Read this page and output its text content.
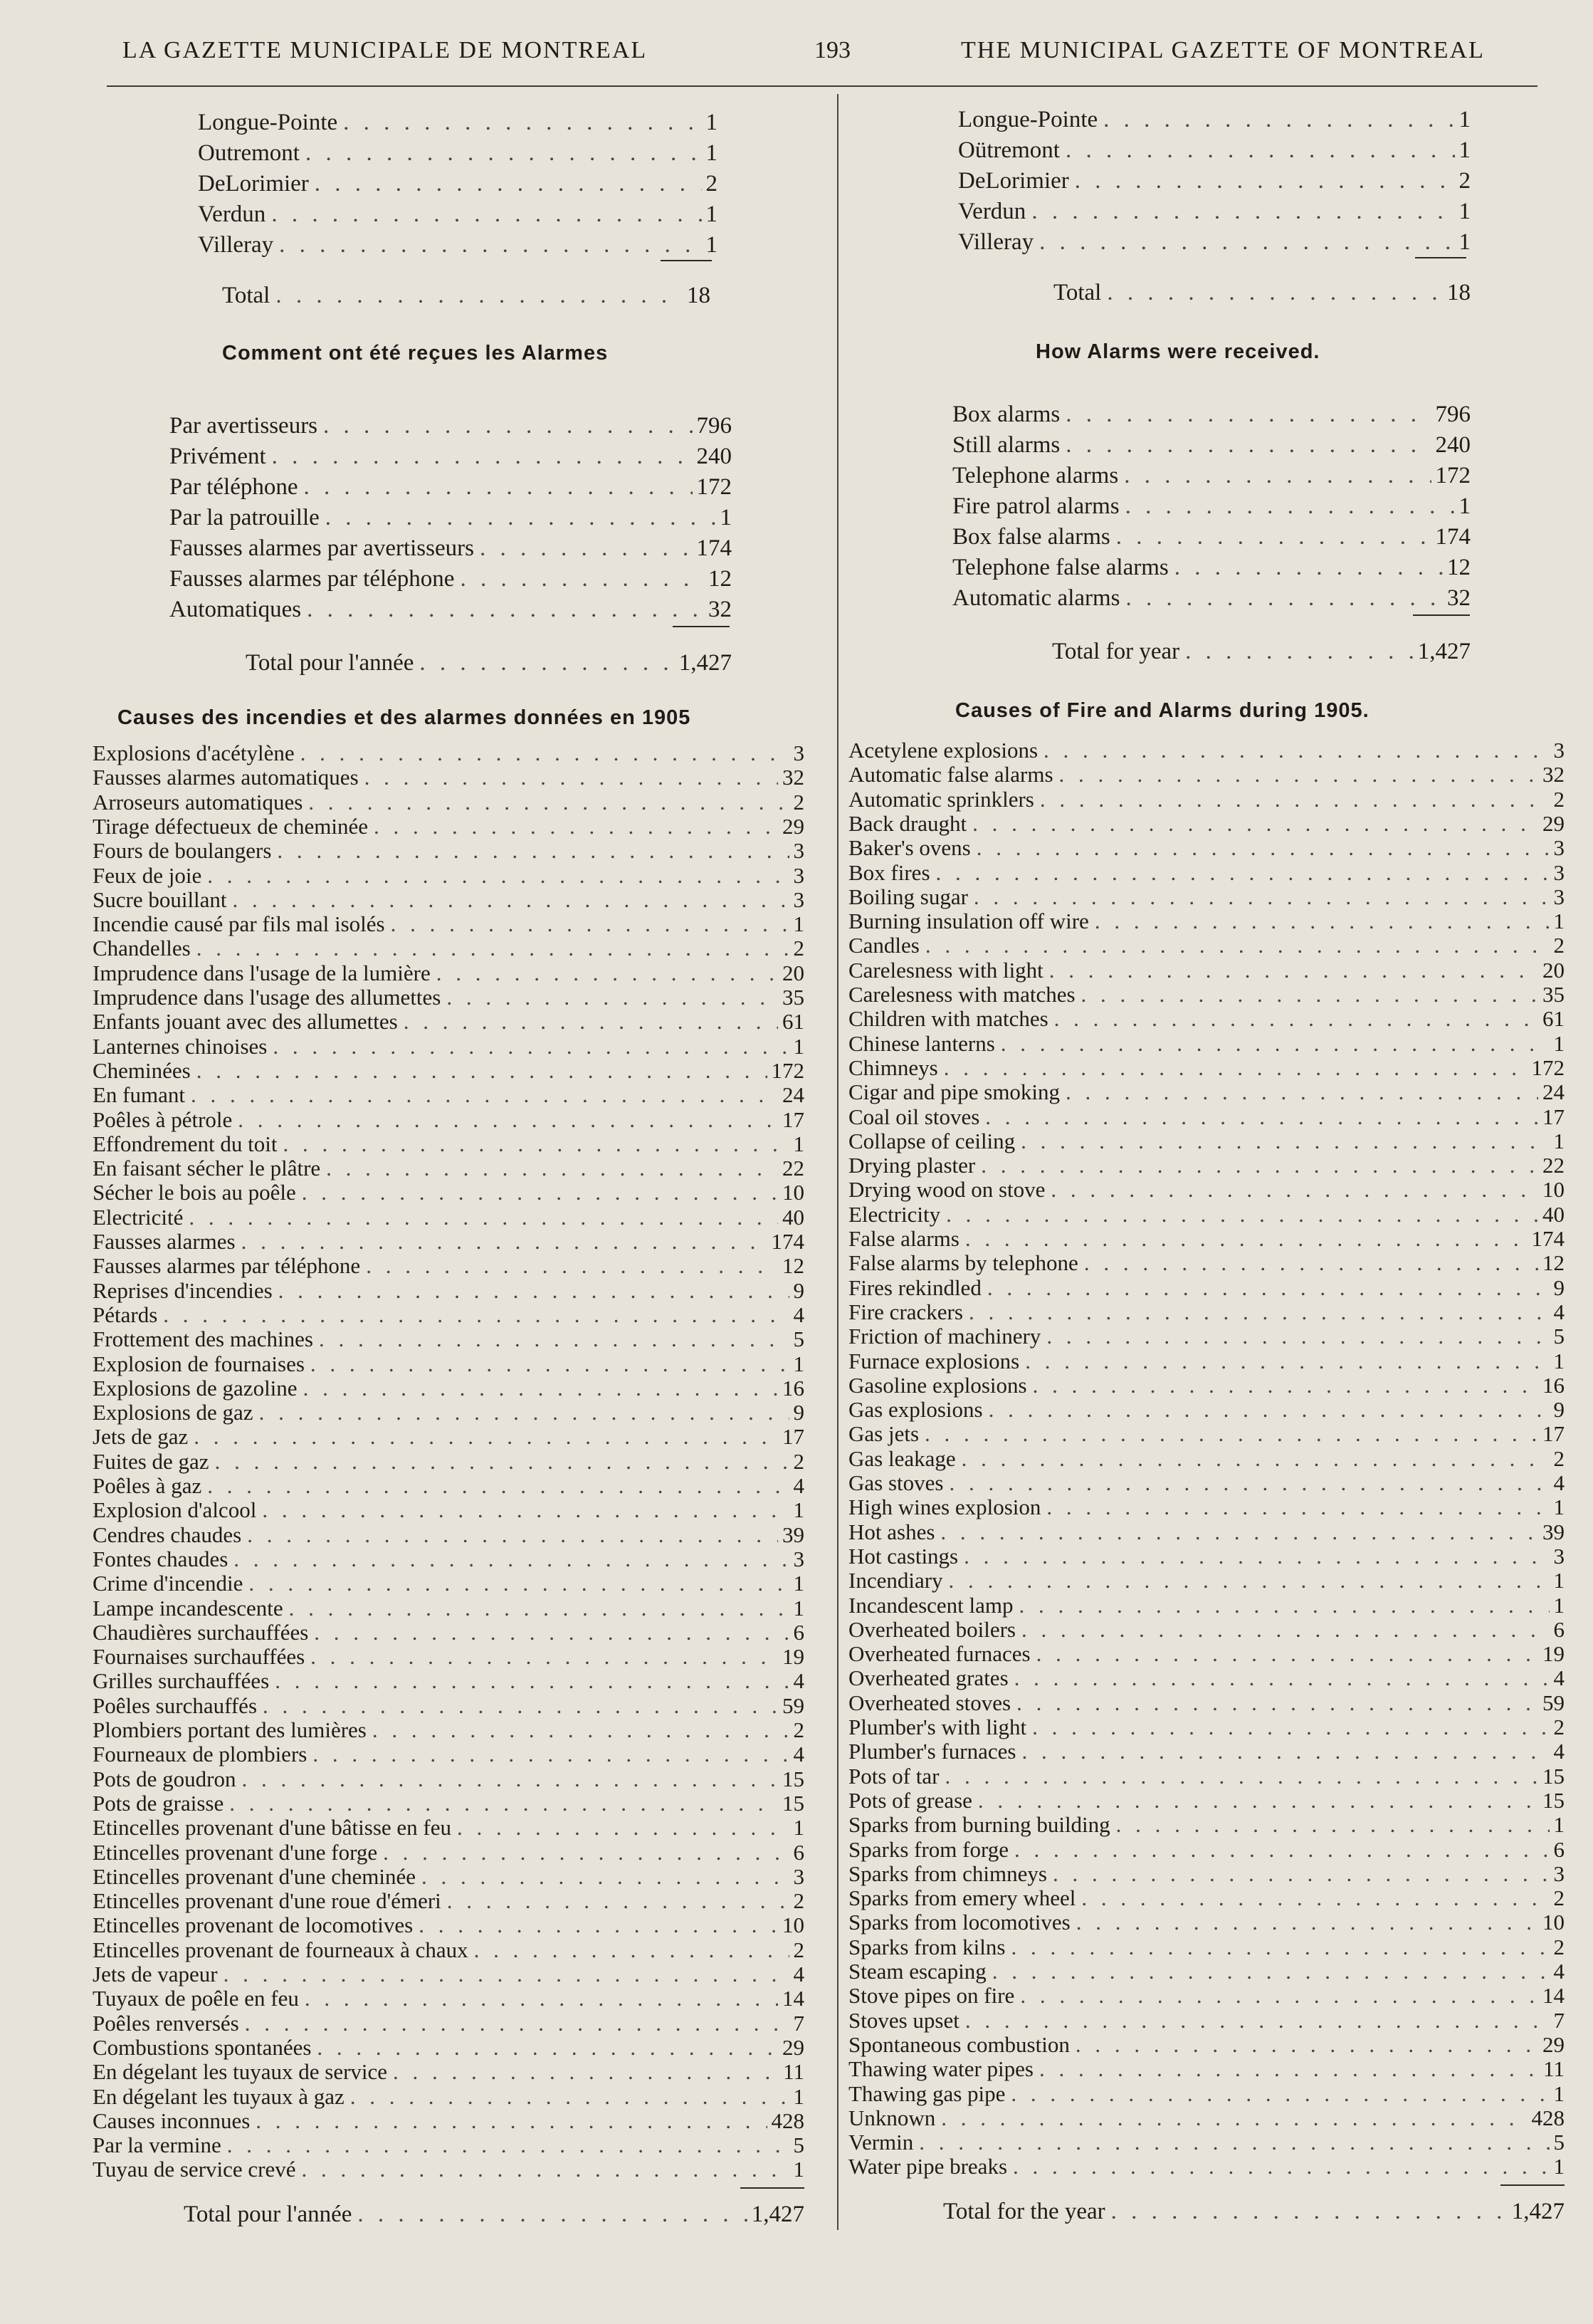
LA GAZETTE MUNICIPALE DE MONTREAL	193	THE MUNICIPAL GAZETTE OF MONTREAL
Longue-Pointe . . .	1
Outremont . . .	1
DeLorimier . . .	2
Verdun . . .	1
Villeray . . .	1
Total . . .	18
Comment ont été reçues les Alarmes
Par avertisseurs . . .	796
Privément . . .	240
Par téléphone . . .	172
Par la patrouille . . .	1
Fausses alarmes par avertisseurs . . .	174
Fausses alarmes par téléphone . . .	12
Automatiques . . .	32
Total pour l'année . . .	1,427
Causes des incendies et des alarmes données en 1905
Explosions d'acétylène . . .	3
Fausses alarmes automatiques . . .	32
Arroseurs automatiques . . .	2
Tirage défectueux de cheminée . . .	29
Fours de boulangers . . .	3
Feux de joie . . .	3
Sucre bouillant . . .	3
Incendie causé par fils mal isolés . . .	1
Chandelles . . .	2
Imprudence dans l'usage de la lumière . . .	20
Imprudence dans l'usage des allumettes . . .	35
Enfants jouant avec des allumettes . . .	61
Lanternes chinoises . . .	1
Cheminées . . .	172
En fumant . . .	24
Poêles à pétrole . . .	17
Effondrement du toit . . .	1
En faisant sécher le plâtre . . .	22
Sécher le bois au poêle . . .	10
Electricité . . .	40
Fausses alarmes . . .	174
Fausses alarmes par téléphone . . .	12
Reprises d'incendies . . .	9
Pétards . . .	4
Frottement des machines . . .	5
Explosion de fournaises . . .	1
Explosions de gazoline . . .	16
Explosions de gaz . . .	9
Jets de gaz . . .	17
Fuites de gaz . . .	2
Poêles à gaz . . .	4
Explosion d'alcool . . .	1
Cendres chaudes . . .	39
Fontes chaudes . . .	3
Crime d'incendie . . .	1
Lampe incandescente . . .	1
Chaudières surchauffées . . .	6
Fournaises surchauffées . . .	19
Grilles surchauffées . . .	4
Poêles surchauffés . . .	59
Plombiers portant des lumières . . .	2
Fourneaux de plombiers . . .	4
Pots de goudron . . .	15
Pots de graisse . . .	15
Etincelles provenant d'une bâtisse en feu . . .	1
Etincelles provenant d'une forge . . .	6
Etincelles provenant d'une cheminée . . .	3
Etincelles provenant d'une roue d'émeri . . .	2
Etincelles provenant de locomotives . . .	10
Etincelles provenant de fourneaux à chaux . . .	2
Jets de vapeur . . .	4
Tuyaux de poêle en feu . . .	14
Poêles renversés . . .	7
Combustions spontanées . . .	29
En dégelant les tuyaux de service . . .	11
En dégelant les tuyaux à gaz . . .	1
Causes inconnues . . .	428
Par la vermine . . .	5
Tuyau de service crevé . . .	1
Total pour l'année . . .	1,427
Longue-Pointe . . .	1
Oütremont . . .	1
DeLorimier . . .	2
Verdun . . .	1
Villeray . . .	1
Total . . .	18
How Alarms were received.
Box alarms . . .	796
Still alarms . . .	240
Telephone alarms . . .	172
Fire patrol alarms . . .	1
Box false alarms . . .	174
Telephone false alarms . . .	12
Automatic alarms . . .	32
Total for year . . .	1,427
Causes of Fire and Alarms during 1905.
Acetylene explosions . . .	3
Automatic false alarms . . .	32
Automatic sprinklers . . .	2
Back draught . . .	29
Baker's ovens . . .	3
Box fires . . .	3
Boiling sugar . . .	3
Burning insulation off wire . . .	1
Candles . . .	2
Carelesness with light . . .	20
Carelesness with matches . . .	35
Children with matches . . .	61
Chinese lanterns . . .	1
Chimneys . . .	172
Cigar and pipe smoking . . .	24
Coal oil stoves . . .	17
Collapse of ceiling . . .	1
Drying plaster . . .	22
Drying wood on stove . . .	10
Electricity . . .	40
False alarms . . .	174
False alarms by telephone . . .	12
Fires rekindled . . .	9
Fire crackers . . .	4
Friction of machinery . . .	5
Furnace explosions . . .	1
Gasoline explosions . . .	16
Gas explosions . . .	9
Gas jets . . .	17
Gas leakage . . .	2
Gas stoves . . .	4
High wines explosion . . .	1
Hot ashes . . .	39
Hot castings . . .	3
Incendiary . . .	1
Incandescent lamp . . .	1
Overheated boilers . . .	6
Overheated furnaces . . .	19
Overheated grates . . .	4
Overheated stoves . . .	59
Plumber's with light . . .	2
Plumber's furnaces . . .	4
Pots of tar . . .	15
Pots of grease . . .	15
Sparks from burning building . . .	1
Sparks from forge . . .	6
Sparks from chimneys . . .	3
Sparks from emery wheel . . .	2
Sparks from locomotives . . .	10
Sparks from kilns . . .	2
Steam escaping . . .	4
Stove pipes on fire . . .	14
Stoves upset . . .	7
Spontaneous combustion . . .	29
Thawing water pipes . . .	11
Thawing gas pipe . . .	1
Unknown . . .	428
Vermin . . .	5
Water pipe breaks . . .	1
Total for the year . . .	1,427
